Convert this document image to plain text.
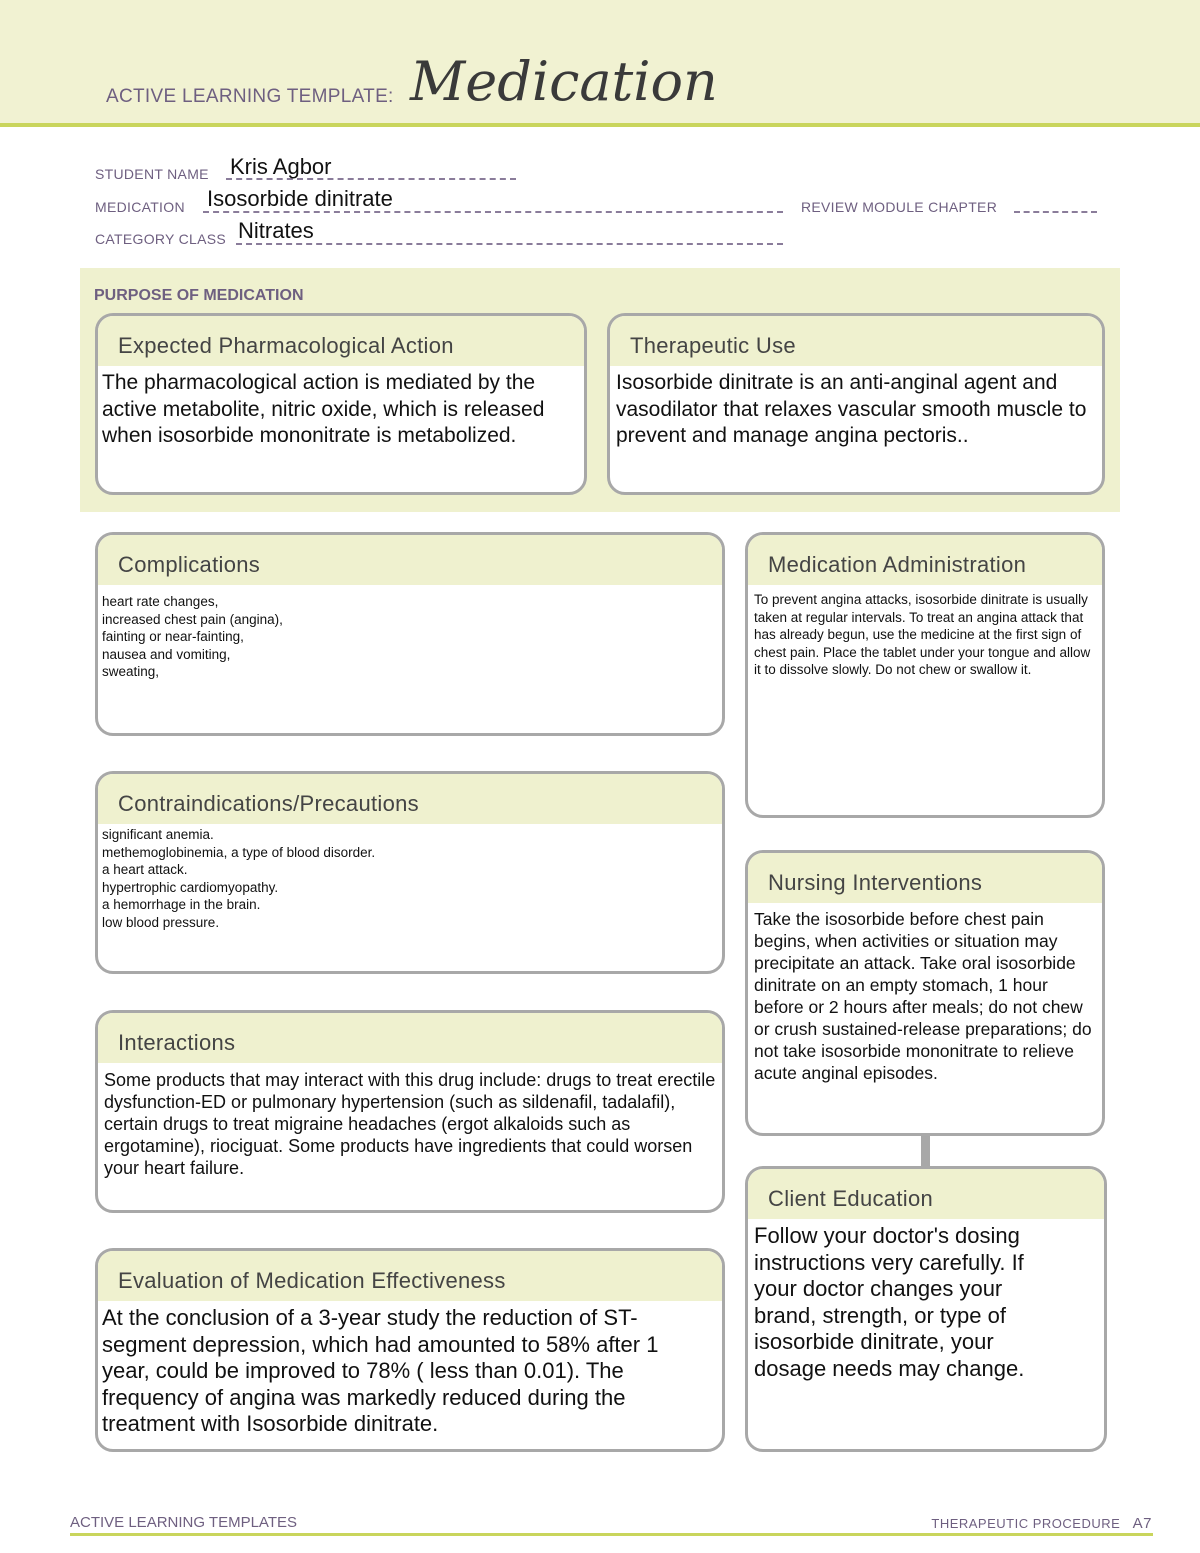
ACTIVE LEARNING TEMPLATE: Medication
STUDENT NAME Kris Agbor
MEDICATION Isosorbide dinitrate	REVIEW MODULE CHAPTER
CATEGORY CLASS Nitrates
PURPOSE OF MEDICATION
Expected Pharmacological Action
The pharmacological action is mediated by the active metabolite, nitric oxide, which is released when isosorbide mononitrate is metabolized.
Therapeutic Use
Isosorbide dinitrate is an anti-anginal agent and vasodilator that relaxes vascular smooth muscle to prevent and manage angina pectoris..
Complications
heart rate changes,
increased chest pain (angina),
fainting or near-fainting,
nausea and vomiting,
sweating,
Medication Administration
To prevent angina attacks, isosorbide dinitrate is usually taken at regular intervals. To treat an angina attack that has already begun, use the medicine at the first sign of chest pain. Place the tablet under your tongue and allow it to dissolve slowly. Do not chew or swallow it.
Contraindications/Precautions
significant anemia.
methemoglobinemia, a type of blood disorder.
a heart attack.
hypertrophic cardiomyopathy.
a hemorrhage in the brain.
low blood pressure.
Nursing Interventions
Take the isosorbide before chest pain begins, when activities or situation may precipitate an attack. Take oral isosorbide dinitrate on an empty stomach, 1 hour before or 2 hours after meals; do not chew or crush sustained-release preparations; do not take isosorbide mononitrate to relieve acute anginal episodes.
Interactions
Some products that may interact with this drug include: drugs to treat erectile dysfunction-ED or pulmonary hypertension (such as sildenafil, tadalafil), certain drugs to treat migraine headaches (ergot alkaloids such as ergotamine), riociguat. Some products have ingredients that could worsen your heart failure.
Client Education
Follow your doctor's dosing instructions very carefully. If your doctor changes your brand, strength, or type of isosorbide dinitrate, your dosage needs may change.
Evaluation of Medication Effectiveness
At the conclusion of a 3-year study the reduction of ST-segment depression, which had amounted to 58% after 1 year, could be improved to 78% ( less than 0.01). The frequency of angina was markedly reduced during the treatment with Isosorbide dinitrate.
ACTIVE LEARNING TEMPLATES	THERAPEUTIC PROCEDURE A7
